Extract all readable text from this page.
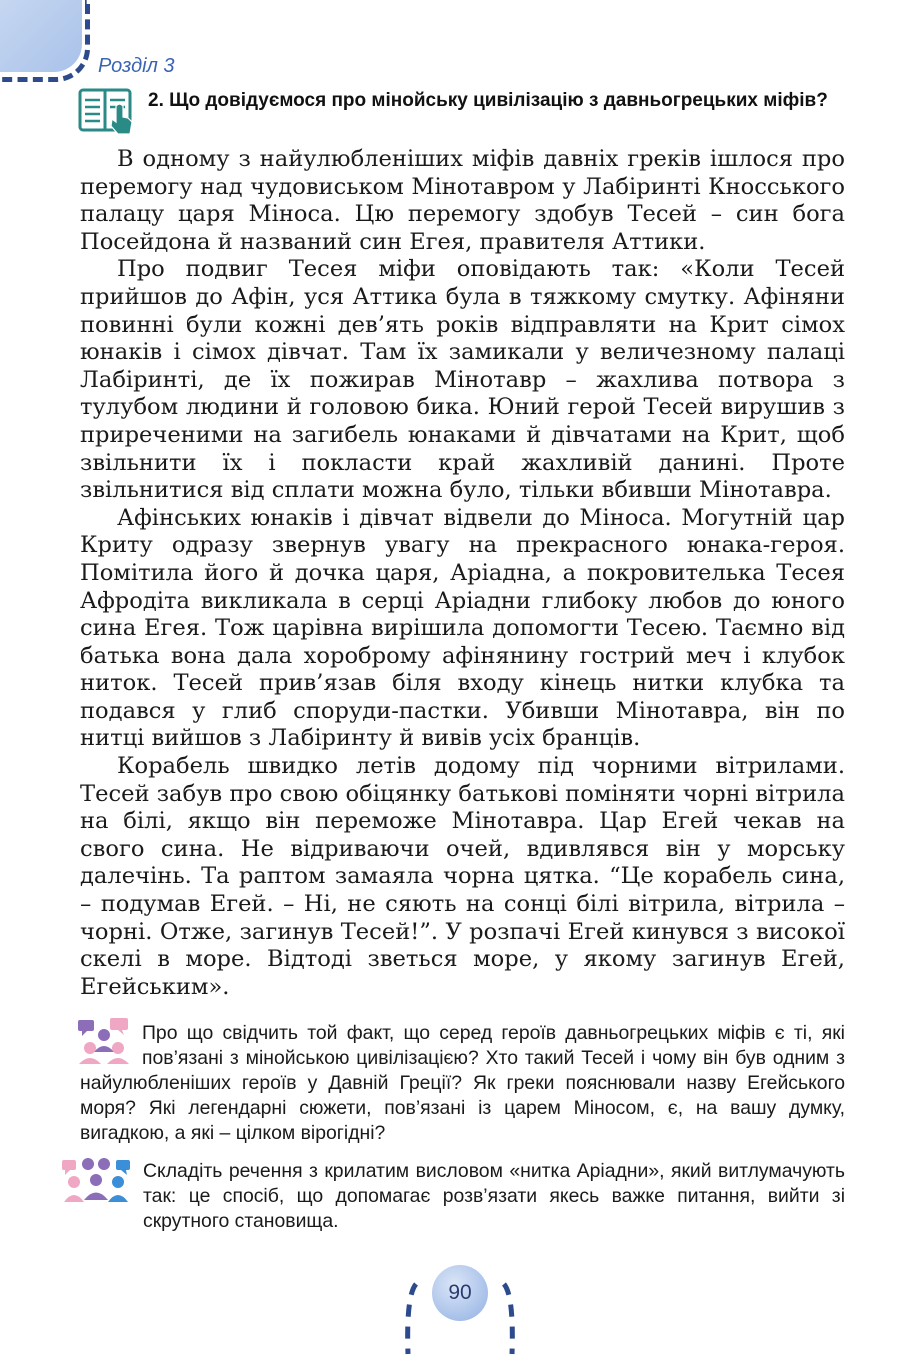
Розділ 3
2. Що довідуємося про мінойську цивілізацію з давньогрецьких міфів?

В одному з найулюбленіших міфів давніх греків ішлося про перемогу над чудовиськом Мінотавром у Лабіринті Кносського палацу царя Міноса. Цю перемогу здобув Тесей – син бога Посейдона й названий син Егея, правителя Аттики.

Про подвиг Тесея міфи оповідають так: «Коли Тесей прийшов до Афін, уся Аттика була в тяжкому смутку. Афіняни повинні були кожні дев’ять років відправляти на Крит сімох юнаків і сімох дівчат. Там їх замикали у величезному палаці Лабіринті, де їх пожирав Мінотавр – жахлива потвора з тулубом людини й головою бика. Юний герой Тесей вирушив з приреченими на загибель юнаками й дівчатами на Крит, щоб звільнити їх і покласти край жахливій данині. Проте звільнитися від сплати можна було, тільки вбивши Мінотавра.

Афінських юнаків і дівчат відвели до Міноса. Могутній цар Криту одразу звернув увагу на прекрасного юнака-героя. Помітила його й дочка царя, Аріадна, а покровителька Тесея Афродіта викликала в серці Аріадни глибоку любов до юного сина Егея. Тож царівна вирішила допомогти Тесею. Таємно від батька вона дала хороброму афінянину гострий меч і клубок ниток. Тесей прив’язав біля входу кінець нитки клубка та подався у глиб споруди-пастки. Убивши Мінотавра, він по нитці вийшов з Лабіринту й вивів усіх бранців.

Корабель швидко летів додому під чорними вітрилами. Тесей забув про свою обіцянку батькові поміняти чорні вітрила на білі, якщо він переможе Мінотавра. Цар Егей чекав на свого сина. Не відриваючи очей, вдивлявся він у морську далечінь. Та раптом замаяла чорна цятка. “Це корабель сина, – подумав Егей. – Ні, не сяють на сонці білі вітрила, вітрила – чорні. Отже, загинув Тесей!”. У розпачі Егей кинувся з високої скелі в море. Відтоді зветься море, у якому загинув Егей, Егейським».

Про що свідчить той факт, що серед героїв давньогрецьких міфів є ті, які пов’язані з мінойською цивілізацією? Хто такий Тесей і чому він був одним з найулюбленіших героїв у Давній Греції? Як греки пояснювали назву Егейського моря? Які легендарні сюжети, пов’язані із царем Міносом, є, на вашу думку, вигадкою, а які – цілком вірогідні?
Складіть речення з крилатим висловом «нитка Аріадни», який витлумачують так: це спосіб, що допомагає розв’язати якесь важке питання, вийти зі скрутного становища.
90
